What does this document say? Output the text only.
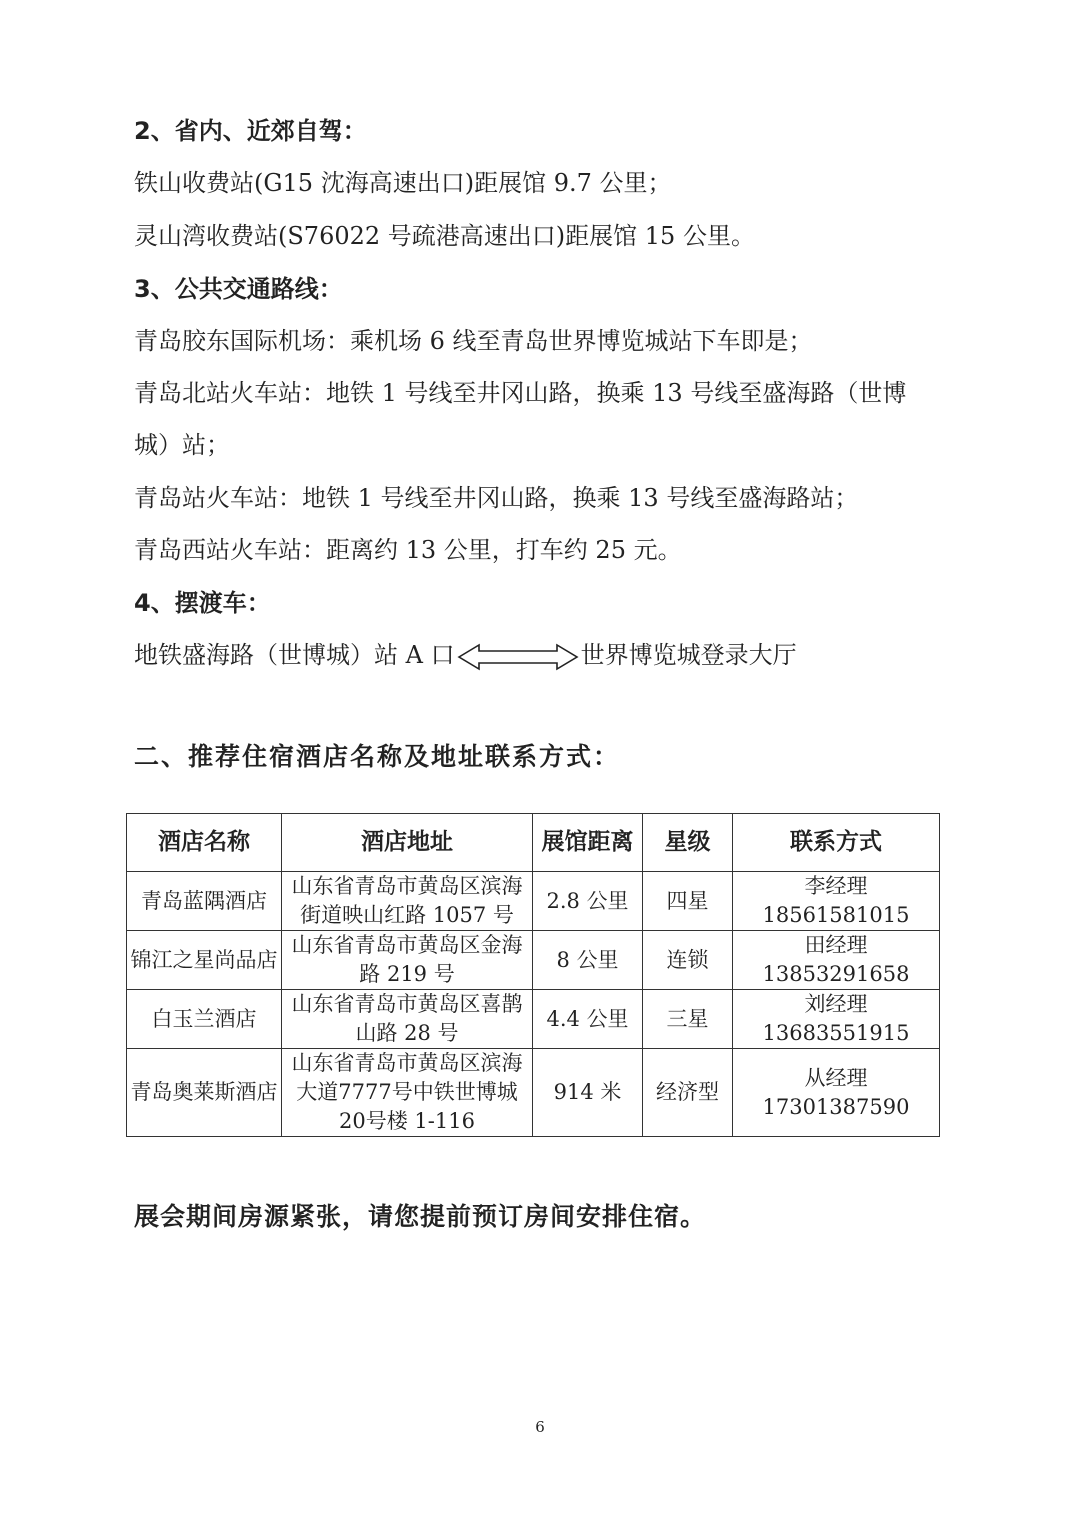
2、省内、近郊自驾：
铁山收费站(G15 沈海高速出口)距展馆 9.7 公里；
灵山湾收费站(S76022 号疏港高速出口)距展馆 15 公里。
3、公共交通路线：
青岛胶东国际机场：乘机场 6 线至青岛世界博览城站下车即是；
青岛北站火车站：地铁 1 号线至井冈山路，换乘 13 号线至盛海路（世博
城）站；
青岛站火车站：地铁 1 号线至井冈山路，换乘 13 号线至盛海路站；
青岛西站火车站：距离约 13 公里，打车约 25 元。
4、摆渡车：
地铁盛海路（世博城）站 A 口	世界博览城登录大厅
二、推荐住宿酒店名称及地址联系方式：
酒店名称	酒店地址	展馆距离	星级	联系方式
青岛蓝隅酒店	山东省青岛市黄岛区滨海街道映山红路 1057 号	2.8 公里	四星	李经理 18561581015
锦江之星尚品店	山东省青岛市黄岛区金海路 219 号	8 公里	连锁	田经理 13853291658
白玉兰酒店	山东省青岛市黄岛区喜鹊山路 28 号	4.4 公里	三星	刘经理 13683551915
青岛奥莱斯酒店	山东省青岛市黄岛区滨海大道7777号中铁世博城20号楼 1-116	914 米	经济型	从经理 17301387590
展会期间房源紧张，请您提前预订房间安排住宿。
6
